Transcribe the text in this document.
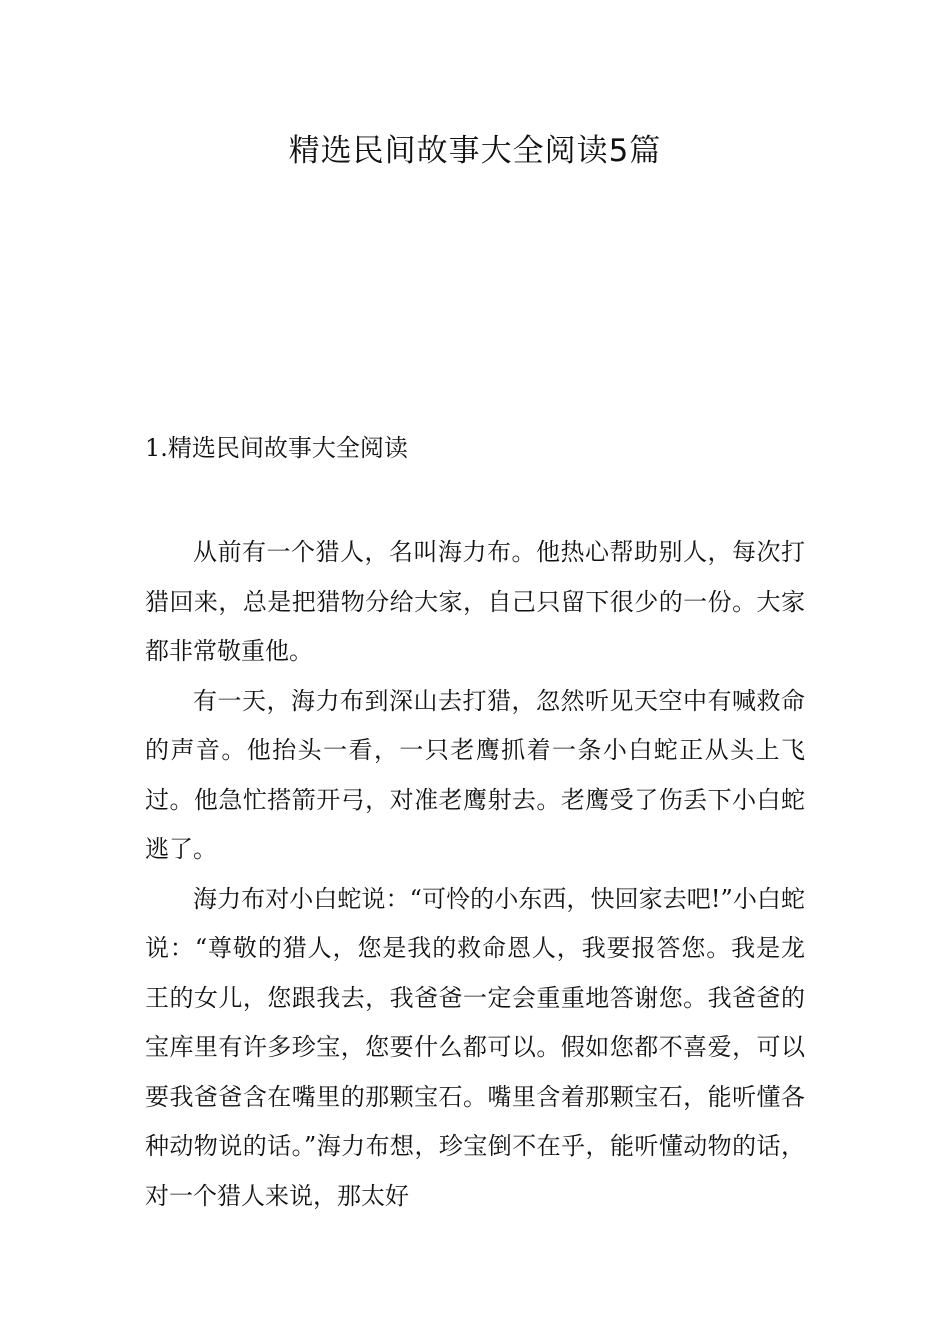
精选民间故事大全阅读5篇
1.精选民间故事大全阅读

从前有一个猎人，名叫海力布。他热心帮助别人，每次打猎回来，总是把猎物分给大家，自己只留下很少的一份。大家都非常敬重他。

有一天，海力布到深山去打猎，忽然听见天空中有喊救命的声音。他抬头一看，一只老鹰抓着一条小白蛇正从头上飞过。他急忙搭箭开弓，对准老鹰射去。老鹰受了伤丢下小白蛇逃了。

海力布对小白蛇说：“可怜的小东西，快回家去吧!”小白蛇说：“尊敬的猎人，您是我的救命恩人，我要报答您。我是龙王的女儿，您跟我去，我爸爸一定会重重地答谢您。我爸爸的宝库里有许多珍宝，您要什么都可以。假如您都不喜爱，可以要我爸爸含在嘴里的那颗宝石。嘴里含着那颗宝石，能听懂各种动物说的话。”海力布想，珍宝倒不在乎，能听懂动物的话，对一个猎人来说，那太好
